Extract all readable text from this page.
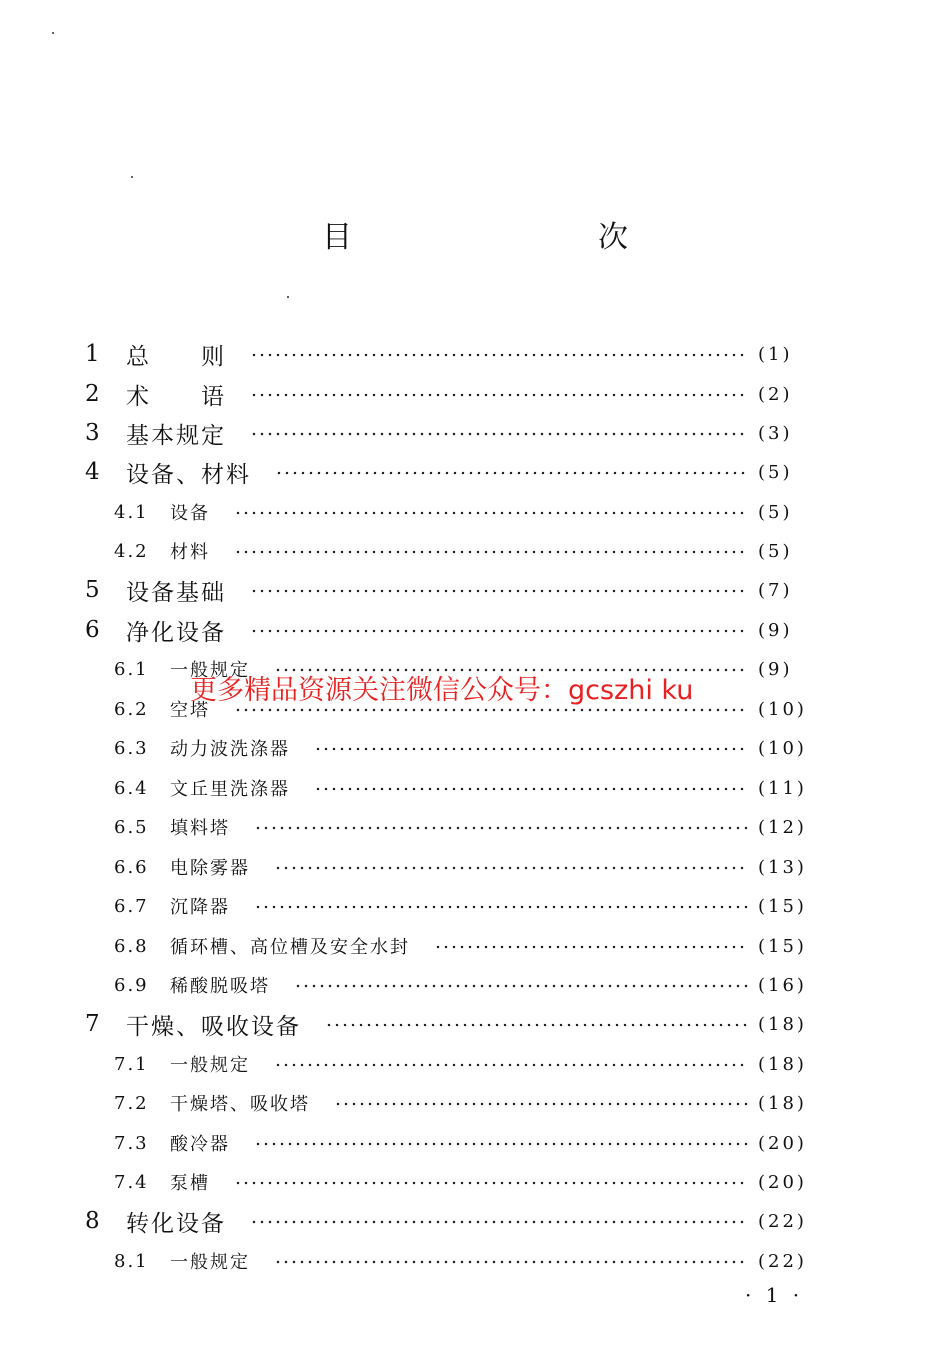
目　　次
1 总　　则	(1)
2 术　　语	(2)
3 基本规定	(3)
4 设备、材料	(5)
4.1 设备	(5)
4.2 材料	(5)
5 设备基础	(7)
6 净化设备	(9)
6.1 一般规定	(9)
6.2 空塔	(10)
6.3 动力波洗涤器	(10)
6.4 文丘里洗涤器	(11)
6.5 填料塔	(12)
6.6 电除雾器	(13)
6.7 沉降器	(15)
6.8 循环槽、高位槽及安全水封	(15)
6.9 稀酸脱吸塔	(16)
7 干燥、吸收设备	(18)
7.1 一般规定	(18)
7.2 干燥塔、吸收塔	(18)
7.3 酸冷器	(20)
7.4 泵槽	(20)
8 转化设备	(22)
8.1 一般规定	(22)
更多精品资源关注微信公众号：gcszhi ku
· 1 ·
